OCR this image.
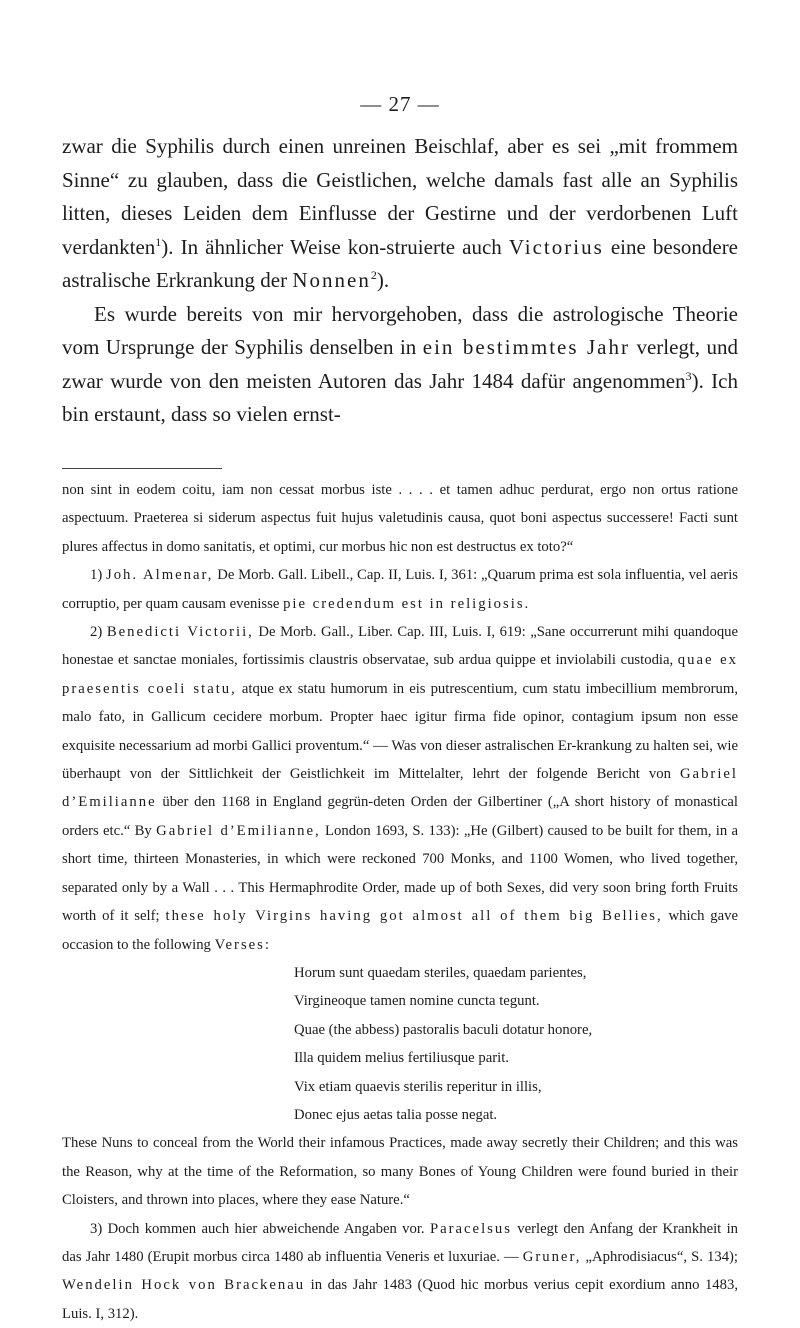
— 27 —

zwar die Syphilis durch einen unreinen Beischlaf, aber es sei „mit frommem Sinne“ zu glauben, dass die Geistlichen, welche damals fast alle an Syphilis litten, dieses Leiden dem Einflusse der Gestirne und der verdorbenen Luft verdankten$^1$). In ähnlicher Weise kon-struierte auch Victorius eine besondere astralische Erkrankung der Nonnen$^2$).

Es wurde bereits von mir hervorgehoben, dass die astrologische Theorie vom Ursprunge der Syphilis denselben in ein bestimmtes Jahr verlegt, und zwar wurde von den meisten Autoren das Jahr 1484 dafür angenommen$^3$). Ich bin erstaunt, dass so vielen ernst-

non sint in eodem coitu, iam non cessat morbus iste . . . . et tamen adhuc perdurat, ergo non ortus ratione aspectuum. Praeterea si siderum aspectus fuit hujus valetudinis causa, quot boni aspectus successere! Facti sunt plures affectus in domo sanitatis, et optimi, cur morbus hic non est destructus ex toto?“

1) Joh. Almenar, De Morb. Gall. Libell., Cap. II, Luis. I, 361: „Quarum prima est sola influentia, vel aeris corruptio, per quam causam evenisse pie credendum est in religiosis.

2) Benedicti Victorii, De Morb. Gall., Liber. Cap. III, Luis. I, 619: „Sane occurrerunt mihi quandoque honestae et sanctae moniales, fortissimis claustris observatae, sub ardua quippe et inviolabili custodia, quae ex praesentis coeli statu, atque ex statu humorum in eis putrescentium, cum statu imbecillium membrorum, malo fato, in Gallicum cecidere morbum. Propter haec igitur firma fide opinor, contagium ipsum non esse exquisite necessarium ad morbi Gallici proventum.“ — Was von dieser astralischen Er-krankung zu halten sei, wie überhaupt von der Sittlichkeit der Geistlichkeit im Mittelalter, lehrt der folgende Bericht von Gabriel d’Emilianne über den 1168 in England gegrün-deten Orden der Gilbertiner („A short history of monastical orders etc.“ By Gabriel d’Emilianne, London 1693, S. 133): „He (Gilbert) caused to be built for them, in a short time, thirteen Monasteries, in which were reckoned 700 Monks, and 1100 Women, who lived together, separated only by a Wall . . . This Hermaphrodite Order, made up of both Sexes, did very soon bring forth Fruits worth of it self; these holy Virgins having got almost all of them big Bellies, which gave occasion to the following Verses:

Horum sunt quaedam steriles, quaedam parientes,
Virgineoque tamen nomine cuncta tegunt.
Quae (the abbess) pastoralis baculi dotatur honore,
Illa quidem melius fertiliusque parit.
Vix etiam quaevis sterilis reperitur in illis,
Donec ejus aetas talia posse negat.

These Nuns to conceal from the World their infamous Practices, made away secretly their Children; and this was the Reason, why at the time of the Reformation, so many Bones of Young Children were found buried in their Cloisters, and thrown into places, where they ease Nature.“

3) Doch kommen auch hier abweichende Angaben vor. Paracelsus verlegt den Anfang der Krankheit in das Jahr 1480 (Erupit morbus circa 1480 ab influentia Veneris et luxuriae. — Gruner, „Aphrodisiacus“, S. 134); Wendelin Hock von Brackenau in das Jahr 1483 (Quod hic morbus verius cepit exordium anno 1483, Luis. I, 312).
